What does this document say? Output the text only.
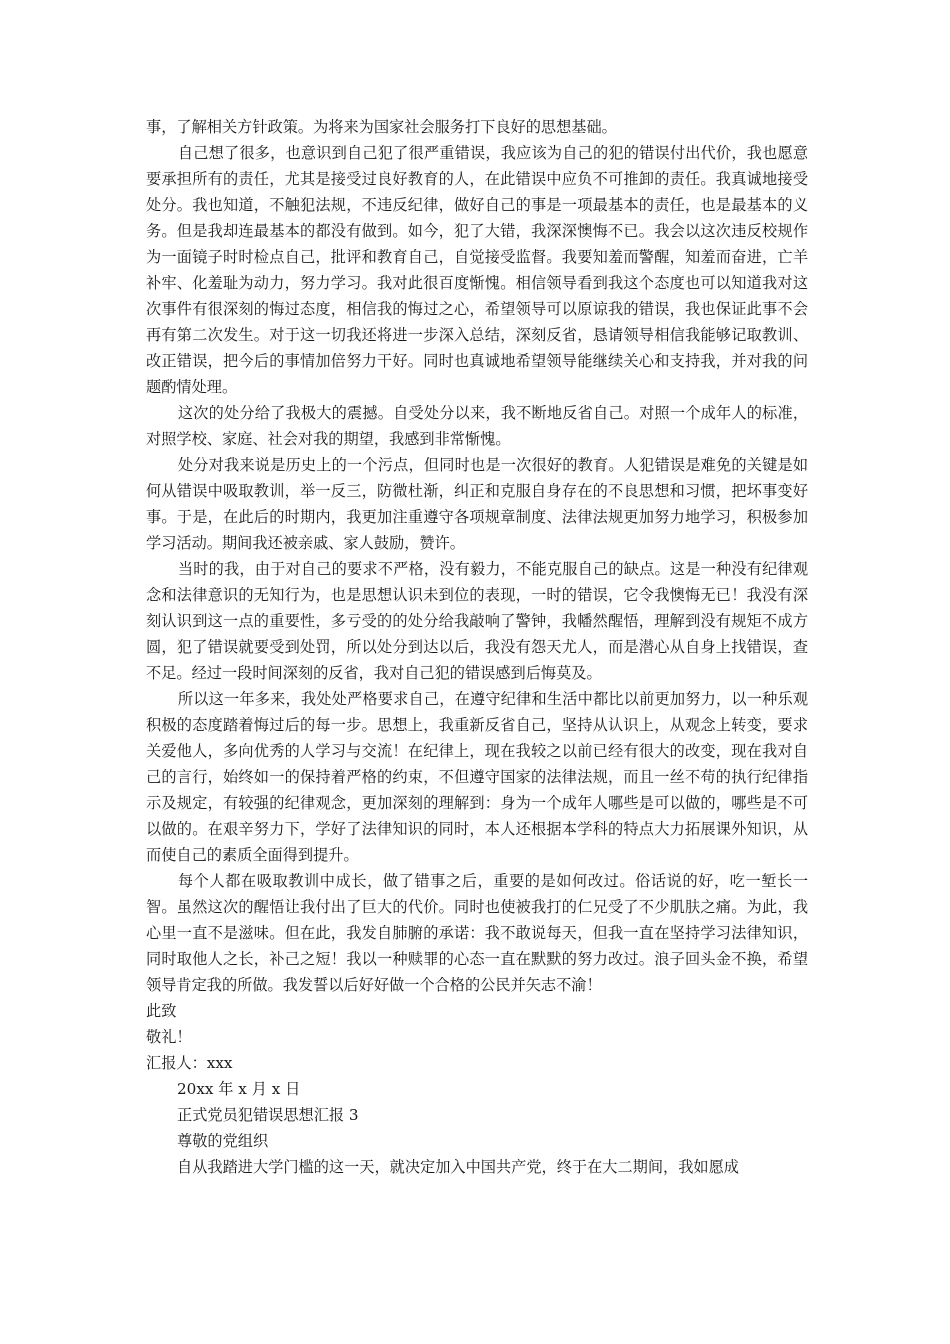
事，了解相关方针政策。为将来为国家社会服务打下良好的思想基础。

自己想了很多，也意识到自己犯了很严重错误，我应该为自己的犯的错误付出代价，我也愿意要承担所有的责任，尤其是接受过良好教育的人，在此错误中应负不可推卸的责任。我真诚地接受处分。我也知道，不触犯法规，不违反纪律，做好自己的事是一项最基本的责任，也是最基本的义务。但是我却连最基本的都没有做到。如今，犯了大错，我深深懊悔不已。我会以这次违反校规作为一面镜子时时检点自己，批评和教育自己，自觉接受监督。我要知羞而警醒，知羞而奋进，亡羊补牢、化羞耻为动力，努力学习。我对此很百度惭愧。相信领导看到我这个态度也可以知道我对这次事件有很深刻的悔过态度，相信我的悔过之心，希望领导可以原谅我的错误，我也保证此事不会再有第二次发生。对于这一切我还将进一步深入总结，深刻反省，恳请领导相信我能够记取教训、改正错误，把今后的事情加倍努力干好。同时也真诚地希望领导能继续关心和支持我，并对我的问题酌情处理。

这次的处分给了我极大的震撼。自受处分以来，我不断地反省自己。对照一个成年人的标准，对照学校、家庭、社会对我的期望，我感到非常惭愧。

处分对我来说是历史上的一个污点，但同时也是一次很好的教育。人犯错误是难免的关键是如何从错误中吸取教训，举一反三，防微杜渐，纠正和克服自身存在的不良思想和习惯，把坏事变好事。于是，在此后的时期内，我更加注重遵守各项规章制度、法律法规更加努力地学习，积极参加学习活动。期间我还被亲戚、家人鼓励，赞许。

当时的我，由于对自己的要求不严格，没有毅力，不能克服自己的缺点。这是一种没有纪律观念和法律意识的无知行为，也是思想认识未到位的表现，一时的错误，它令我懊悔无已！我没有深刻认识到这一点的重要性，多亏受的的处分给我敲响了警钟，我幡然醒悟，理解到没有规矩不成方圆，犯了错误就要受到处罚，所以处分到达以后，我没有怨天尤人，而是潜心从自身上找错误，查不足。经过一段时间深刻的反省，我对自己犯的错误感到后悔莫及。

所以这一年多来，我处处严格要求自己，在遵守纪律和生活中都比以前更加努力，以一种乐观积极的态度踏着悔过后的每一步。思想上，我重新反省自己，坚持从认识上，从观念上转变，要求关爱他人，多向优秀的人学习与交流！在纪律上，现在我较之以前已经有很大的改变，现在我对自己的言行，始终如一的保持着严格的约束，不但遵守国家的法律法规，而且一丝不苟的执行纪律指示及规定，有较强的纪律观念，更加深刻的理解到：身为一个成年人哪些是可以做的，哪些是不可以做的。在艰辛努力下，学好了法律知识的同时，本人还根据本学科的特点大力拓展课外知识，从而使自己的素质全面得到提升。

每个人都在吸取教训中成长，做了错事之后，重要的是如何改过。俗话说的好，吃一堑长一智。虽然这次的醒悟让我付出了巨大的代价。同时也使被我打的仁兄受了不少肌肤之痛。为此，我心里一直不是滋味。但在此，我发自肺腑的承诺：我不敢说每天，但我一直在坚持学习法律知识，同时取他人之长，补己之短！我以一种赎罪的心态一直在默默的努力改过。浪子回头金不换，希望领导肯定我的所做。我发誓以后好好做一个合格的公民并矢志不渝！

此致

敬礼！

汇报人：xxx

20xx 年 x 月 x 日

正式党员犯错误思想汇报 3

尊敬的党组织

自从我踏进大学门槛的这一天，就决定加入中国共产党，终于在大二期间，我如愿成
